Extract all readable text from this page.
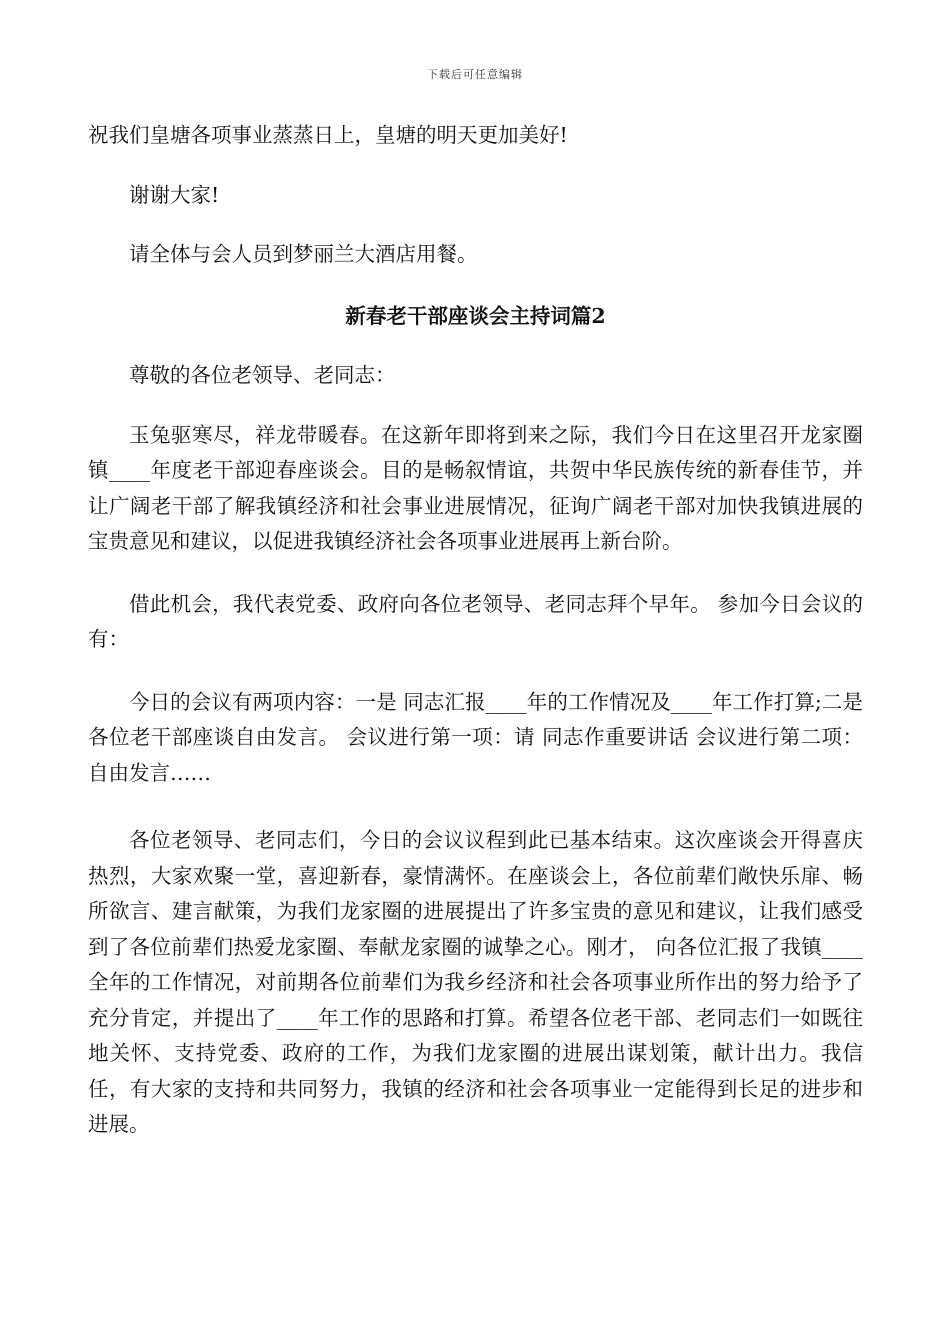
下载后可任意编辑

祝我们皇塘各项事业蒸蒸日上，皇塘的明天更加美好!

谢谢大家!

请全体与会人员到梦丽兰大酒店用餐。

新春老干部座谈会主持词篇2

尊敬的各位老领导、老同志：

玉兔驱寒尽，祥龙带暖春。在这新年即将到来之际，我们今日在这里召开龙家圈镇____年度老干部迎春座谈会。目的是畅叙情谊，共贺中华民族传统的新春佳节，并让广阔老干部了解我镇经济和社会事业进展情况，征询广阔老干部对加快我镇进展的宝贵意见和建议，以促进我镇经济社会各项事业进展再上新台阶。

借此机会，我代表党委、政府向各位老领导、老同志拜个早年。 参加今日会议的有：

今日的会议有两项内容：一是 同志汇报____年的工作情况及____年工作打算;二是各位老干部座谈自由发言。 会议进行第一项：请 同志作重要讲话 会议进行第二项：自由发言……

各位老领导、老同志们，今日的会议议程到此已基本结束。这次座谈会开得喜庆热烈，大家欢聚一堂，喜迎新春，豪情满怀。在座谈会上，各位前辈们敞快乐扉、畅所欲言、建言献策，为我们龙家圈的进展提出了许多宝贵的意见和建议，让我们感受到了各位前辈们热爱龙家圈、奉献龙家圈的诚挚之心。刚才， 向各位汇报了我镇____全年的工作情况，对前期各位前辈们为我乡经济和社会各项事业所作出的努力给予了充分肯定，并提出了____年工作的思路和打算。希望各位老干部、老同志们一如既往地关怀、支持党委、政府的工作，为我们龙家圈的进展出谋划策，献计出力。我信任，有大家的支持和共同努力，我镇的经济和社会各项事业一定能得到长足的进步和进展。
